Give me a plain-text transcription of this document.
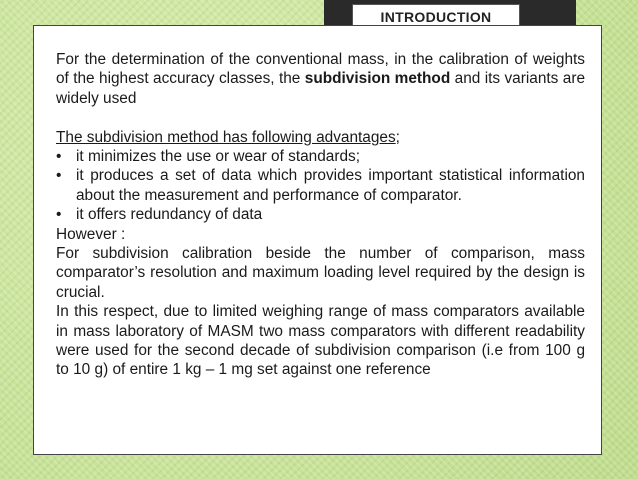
INTRODUCTION

For the determination of the conventional mass, in the calibration of weights of the highest accuracy classes, the subdivision method and its variants are widely used

The subdivision method has following advantages;

• it minimizes the use or wear of standards;
• it produces a set of data which provides important statistical information about the measurement and performance of comparator.
• it offers redundancy of data

However :

For subdivision calibration beside the number of comparison, mass comparator’s resolution and maximum loading level required by the design is crucial.

In this respect, due to limited weighing range of mass comparators available in mass laboratory of MASM two mass comparators with different readability were used for the second decade of subdivision comparison (i.e from 100 g to 10 g) of entire 1 kg – 1 mg set against one reference
